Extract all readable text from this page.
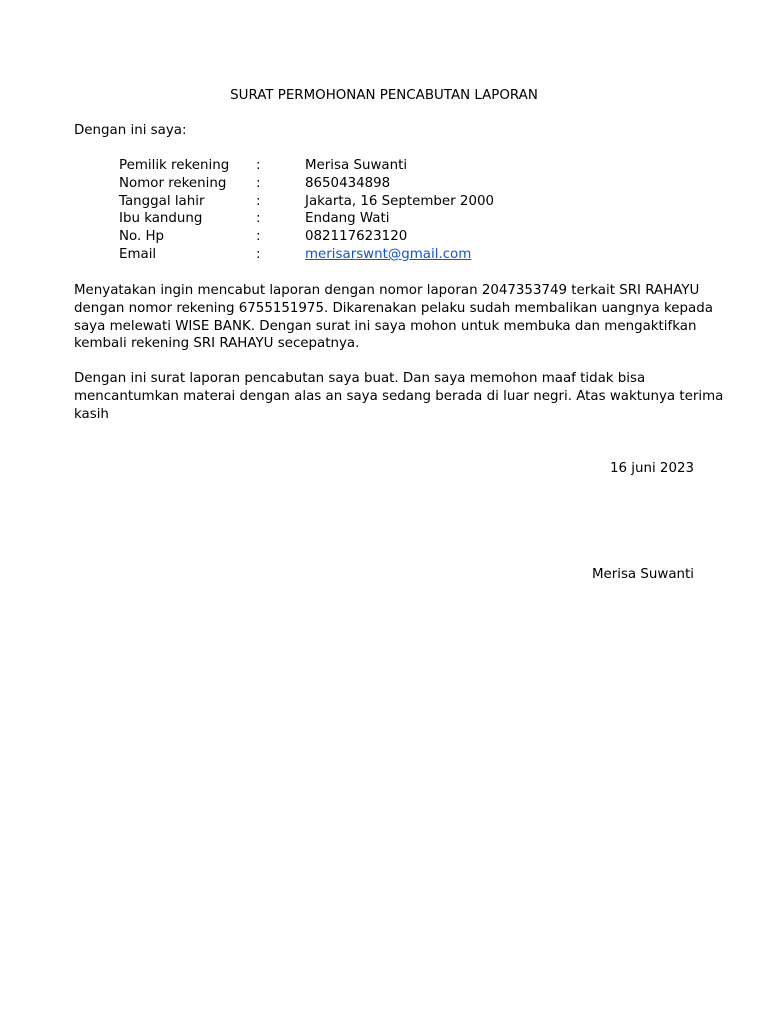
SURAT PERMOHONAN PENCABUTAN LAPORAN
Dengan ini saya:
Pemilik rekening :	Merisa Suwanti
Nomor rekening :	8650434898
Tanggal lahir	:	Jakarta, 16 September 2000
Ibu kandung	:	Endang Wati
No. Hp	:	082117623120
Email	:	merisarswnt@gmail.com
Menyatakan ingin mencabut laporan dengan nomor laporan 2047353749 terkait SRI RAHAYU
dengan nomor rekening 6755151975. Dikarenakan pelaku sudah membalikan uangnya kepada
saya melewati WISE BANK. Dengan surat ini saya mohon untuk membuka dan mengaktifkan
kembali rekening SRI RAHAYU secepatnya.
Dengan ini surat laporan pencabutan saya buat. Dan saya memohon maaf tidak bisa
mencantumkan materai dengan alas an saya sedang berada di luar negri. Atas waktunya terima
kasih
16 juni 2023
Merisa Suwanti
